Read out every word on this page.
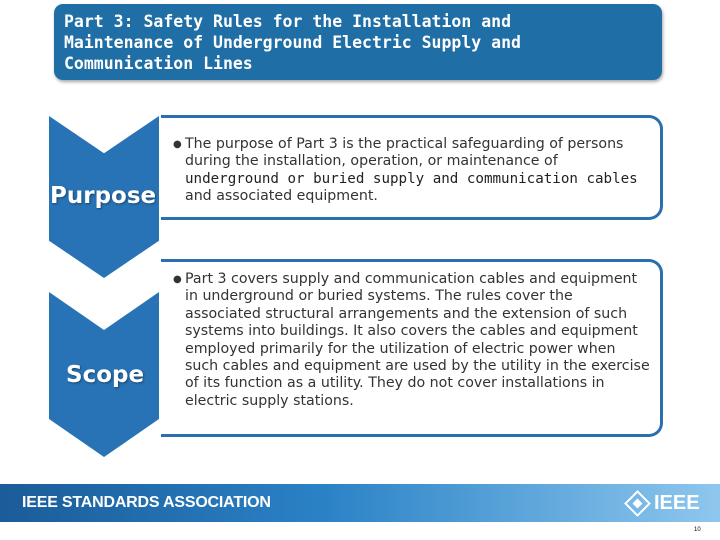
Part 3: Safety Rules for the Installation and
Maintenance of Underground Electric Supply and
Communication Lines
Purpose
● The purpose of Part 3 is the practical safeguarding of persons during the installation, operation, or maintenance of underground or buried supply and communication cables and associated equipment.
Scope
● Part 3 covers supply and communication cables and equipment in underground or buried systems. The rules cover the associated structural arrangements and the extension of such systems into buildings. It also covers the cables and equipment employed primarily for the utilization of electric power when such cables and equipment are used by the utility in the exercise of its function as a utility. They do not cover installations in electric supply stations.
IEEE STANDARDS ASSOCIATION	IEEE
10
